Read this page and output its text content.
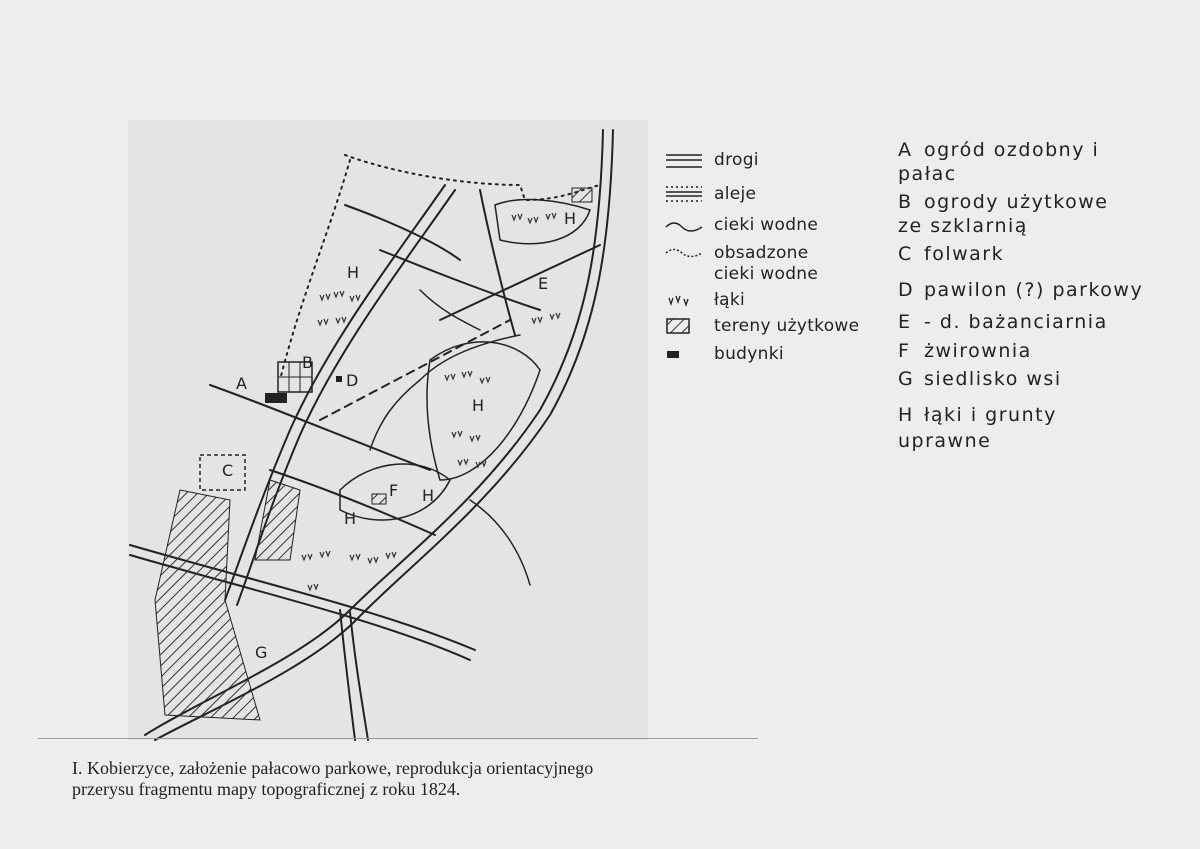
A
B
C
D
E
F
G
H
H
H
H
H
drogi
aleje
cieki wodne
obsadzone cieki wodne
łąki
tereny użytkowe
budynki
A ogród ozdobny i pałac
B ogrody użytkowe ze szklarnią
C folwark
D pawilon (?) parkowy
E - d. bażanciarnia
F żwirownia
G siedlisko wsi
H łąki i grunty uprawne
I. Kobierzyce, założenie pałacowo parkowe, reprodukcja orientacyjnego
przerysu fragmentu mapy topograficznej z roku 1824.
